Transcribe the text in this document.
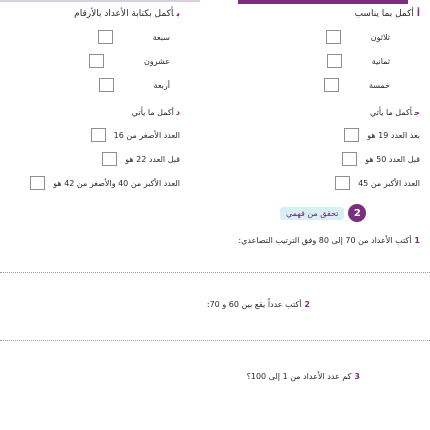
أأكمل بما يناسب
بأكمل بكتابة الأعداد بالأرقام
ثلاثون
ثمانية
خمسة
سبعة
عشرون
أربعة
جأكمل ما يأتي
دأكمل ما يأتي
بعد العدد 19 هو
قبل العدد 50 هو
العدد الأكبر من 45
العدد الأصغر من 16
قبل العدد 22 هو
العدد الأكبر من 40 والأصغر من 42 هو
2
تحقق من فهمي
1أكتب الأعداد من 70 إلى 80 وفق الترتيب التصاعدي:
2أكتب عدداً يقع بين 60 و 70:
3كم عدد الأعداد من 1 إلى 100؟
